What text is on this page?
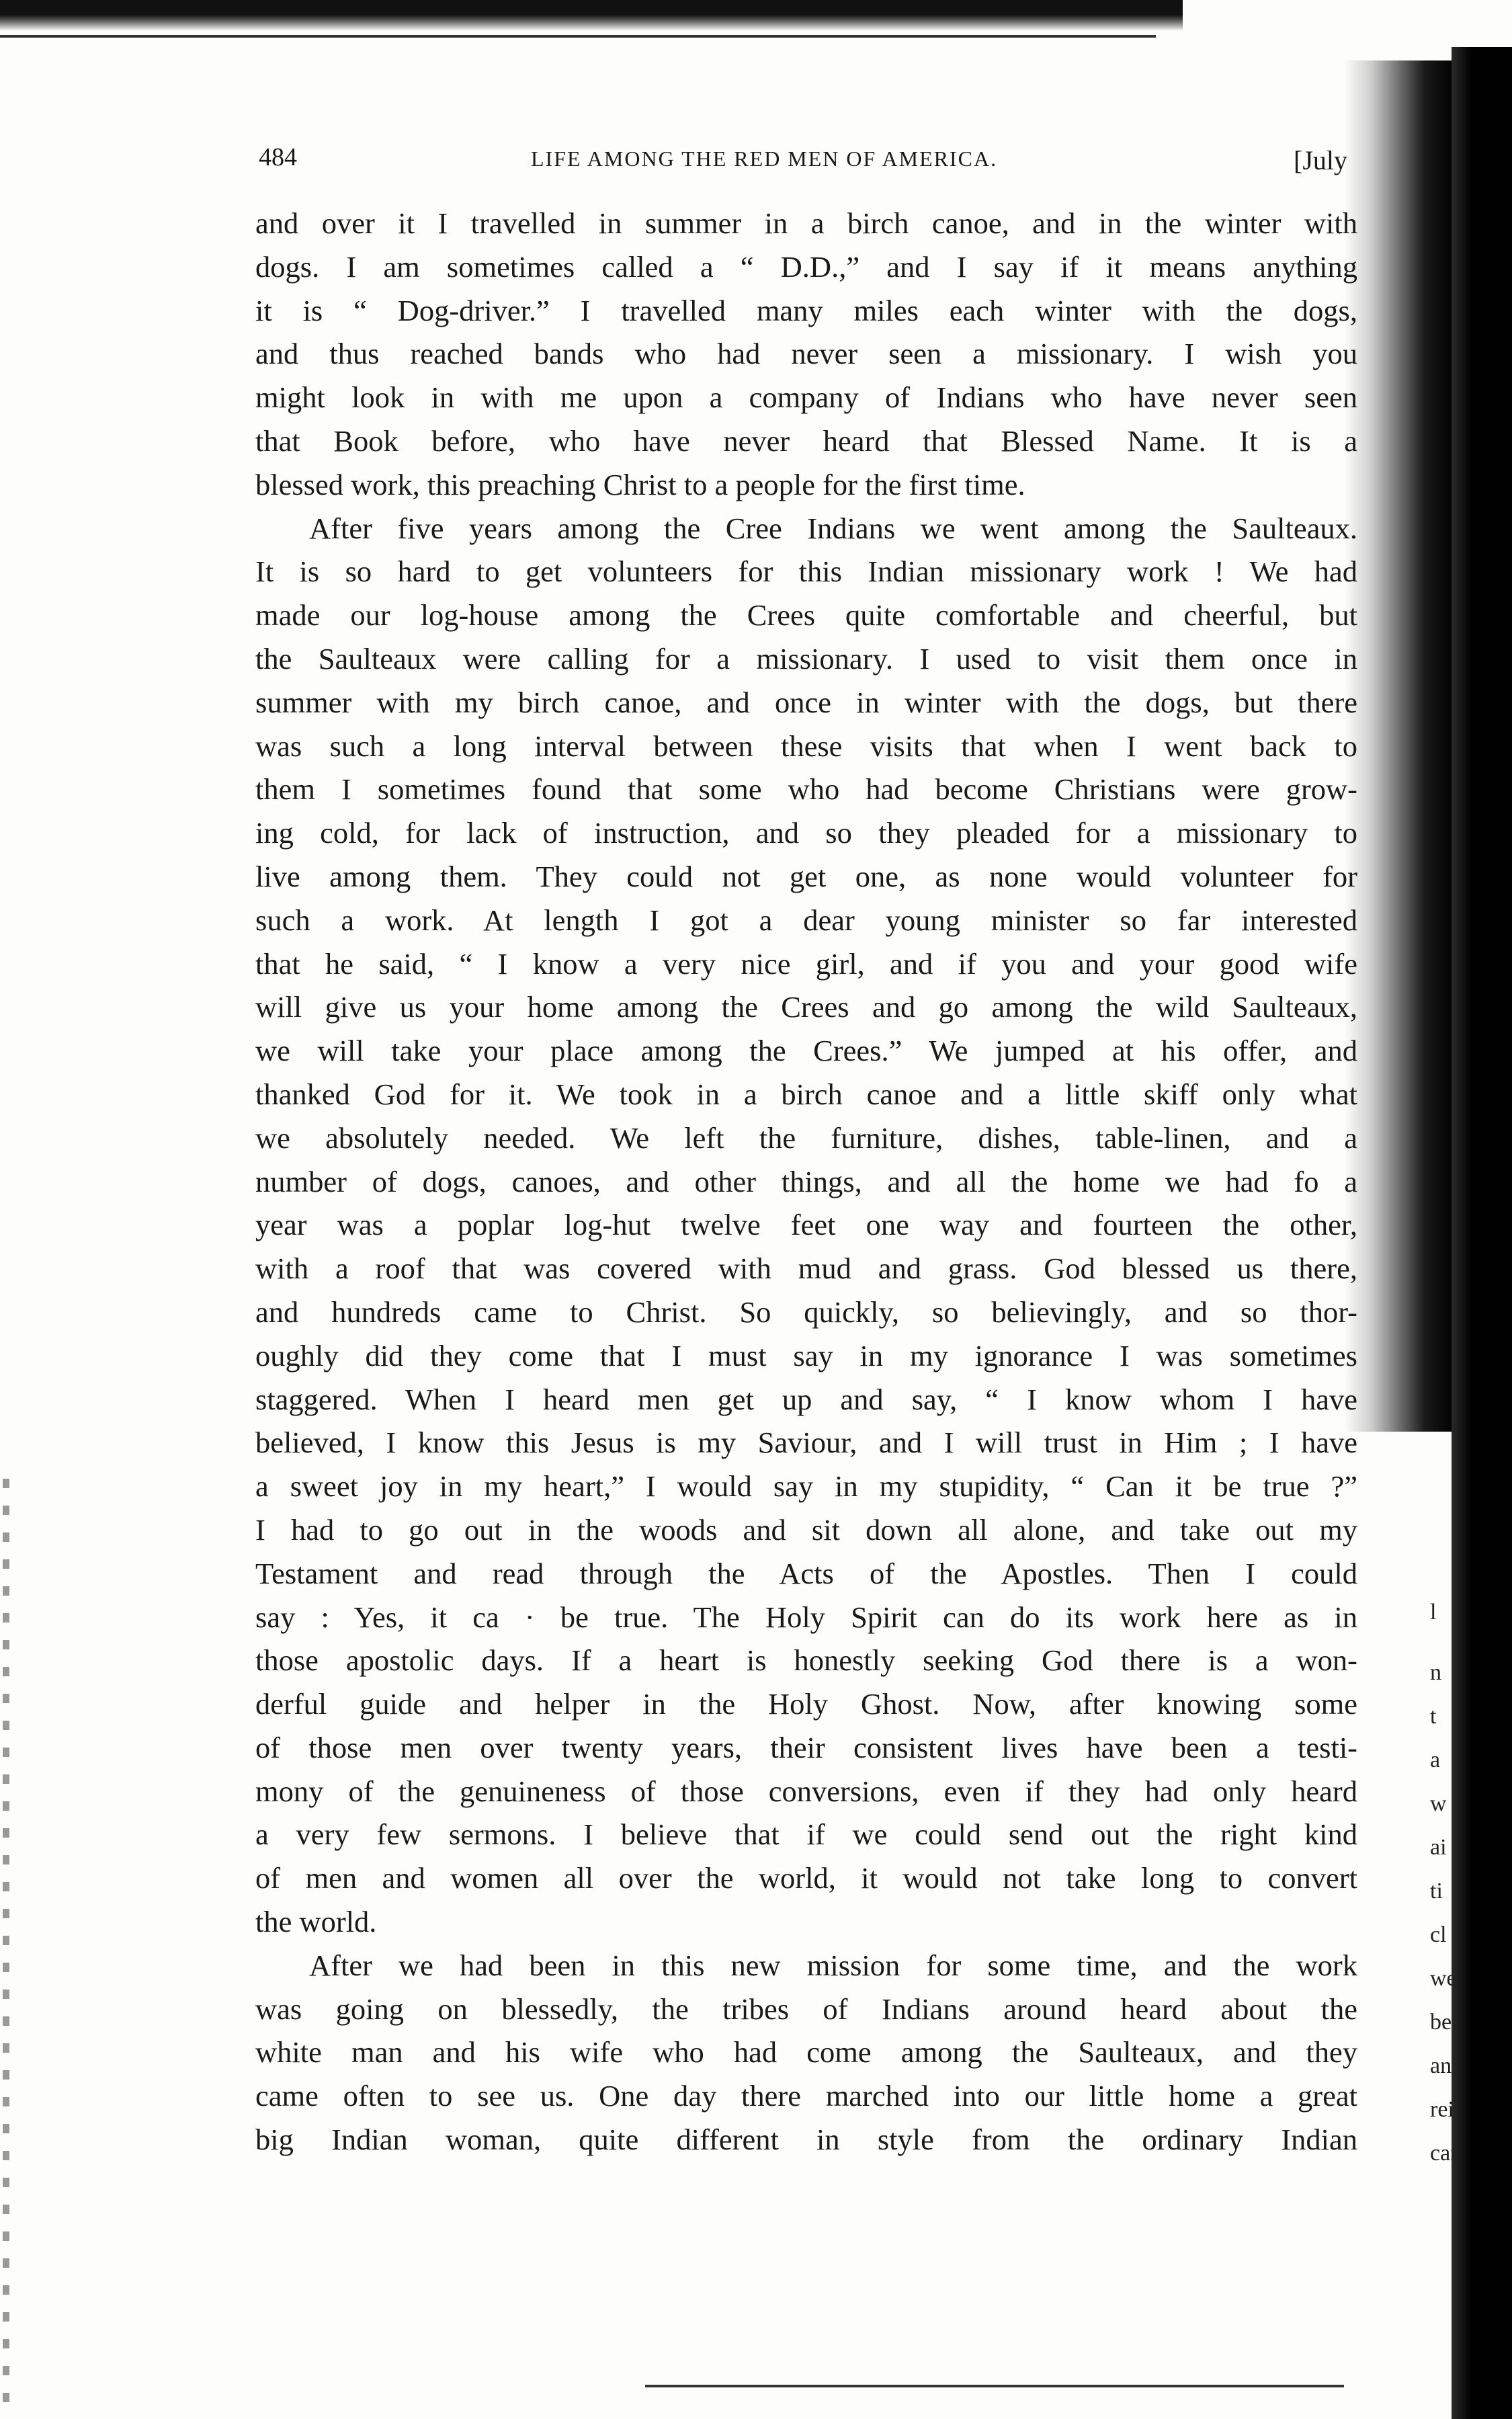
484	LIFE AMONG THE RED MEN OF AMERICA.	[July
and over it I travelled in summer in a birch canoe, and in the winter with
dogs. I am sometimes called a “ D.D.,” and I say if it means anything
it is “ Dog-driver.” I travelled many miles each winter with the dogs,
and thus reached bands who had never seen a missionary. I wish you
might look in with me upon a company of Indians who have never seen
that Book before, who have never heard that Blessed Name. It is a
blessed work, this preaching Christ to a people for the first time.
After five years among the Cree Indians we went among the Saulteaux.
It is so hard to get volunteers for this Indian missionary work ! We had
made our log-house among the Crees quite comfortable and cheerful, but
the Saulteaux were calling for a missionary. I used to visit them once in
summer with my birch canoe, and once in winter with the dogs, but there
was such a long interval between these visits that when I went back to
them I sometimes found that some who had become Christians were grow-
ing cold, for lack of instruction, and so they pleaded for a missionary to
live among them. They could not get one, as none would volunteer for
such a work. At length I got a dear young minister so far interested
that he said, “ I know a very nice girl, and if you and your good wife
will give us your home among the Crees and go among the wild Saulteaux,
we will take your place among the Crees.” We jumped at his offer, and
thanked God for it. We took in a birch canoe and a little skiff only what
we absolutely needed. We left the furniture, dishes, table-linen, and a
number of dogs, canoes, and other things, and all the home we had fo a
year was a poplar log-hut twelve feet one way and fourteen the other,
with a roof that was covered with mud and grass. God blessed us there,
and hundreds came to Christ. So quickly, so believingly, and so thor-
oughly did they come that I must say in my ignorance I was sometimes
staggered. When I heard men get up and say, “ I know whom I have
believed, I know this Jesus is my Saviour, and I will trust in Him ; I have
a sweet joy in my heart,” I would say in my stupidity, “ Can it be true ?”
I had to go out in the woods and sit down all alone, and take out my
Testament and read through the Acts of the Apostles. Then I could
say : Yes, it ca · be true. The Holy Spirit can do its work here as in
those apostolic days. If a heart is honestly seeking God there is a won-
derful guide and helper in the Holy Ghost. Now, after knowing some
of those men over twenty years, their consistent lives have been a testi-
mony of the genuineness of those conversions, even if they had only heard
a very few sermons. I believe that if we could send out the right kind
of men and women all over the world, it would not take long to convert
the world.
After we had been in this new mission for some time, and the work
was going on blessedly, the tribes of Indians around heard about the
white man and his wife who had come among the Saulteaux, and they
came often to see us. One day there marched into our little home a great
big Indian woman, quite different in style from the ordinary Indian
l
n
t
a
w
ai
ti
cl
we
be
an
rei
cai
